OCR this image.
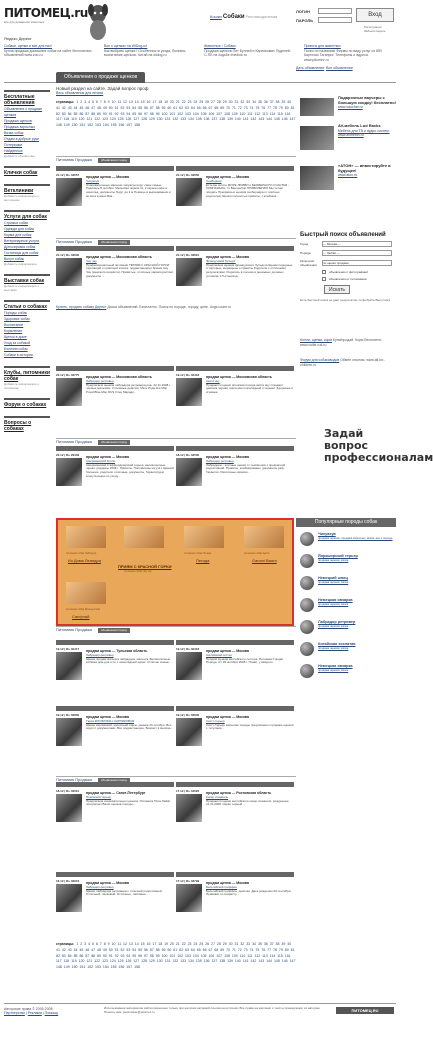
ПИТОМЕЦ.ru
все для домашних животных
Кошки Собаки Рекламодателям
ЛОГИН
ПАРОЛЬ
Вход
Регистрация
Забыли пароль
Яндекс Директ
Собаки, щенки и все для них!
Купля продажа домашних собак на сайте бесплатных объявлений www.zoo.ru
Все о щенках на WiDog.ru!
Как выбрать щенка? Особенности ухода, болезни, воспитание щенков. Читай на widog.ru
Животные / Собаки
Продажа щенков Пит Буллей и Карликовых Пуделей. С-ПБ на ходьбе imedlok.ru
Приюты для животных
Поиск по названию Фирмы по виду услуг из 850 Карточки Таганрог. Телефоны и адреса. www.pitomez.ru
Дать объявление Все объявления
Объявления о продаже щенков
Бесплатные объявления
Объявления о продаже щенков
Продажа щенков
Продажа взрослых
Вязка собак
Отдам в добрые руки
Потеряшки
Найденные
Добавить объявление
Клички собак
Ветклиники
Добавить информацию о ветклинике
Услуги для собак
Стрижка собак
Одежда для собак
Корма для собак
Ветеринарные услуги
Дрессировка собак
Гостиницы для собак
Выгул собак
Добавить информацию
Выставки собак
Добавить информацию о выставке
Статьи о собаках
Породы собак
Здоровье собак
Воспитание
Кормление
Щенок в доме
Уход за собакой
Болезни собак
Собаки в истории
Клубы, питомники собак
Добавить информацию о питомнике
Форум о собаках
Вопросы о собаках
Новый раздел на сайте. Задай вопрос проф
Весь объявления для печати
страницы: 1 2 3 4 5 6 7 8 9 10 11 12 13 14 15 16 17 18 19 20 21 22 23 24 25 26 27 28 29 30 31 32 33 34 35 36 37 38 39 40 41 42 43 44 45 46 47 48 49 50 51 52 53 54 55 56 57 58 59 60 61 62 63 64 65 66 67 68 69 70 71 72 73 74 75 76 77 78 79 80 81 82 83 84 85 86 87 88 89 90 91 92 93 94 95 96 97 98 99 100 101 102 103 104 105 106 107 108 109 110 111 112 113 114 115 116 117 118 119 120 121 122 123 124 125 126 127 128 129 130 131 132 133 134 135 136 137 138 139 140 141 142 143 144 145 146 147 148 149 150 151 152 153 154 155 156 157 158
Питомник Продажа	объявления пород
Питомник Продажа	объявления пород
Питомник Продажа	объявления пород
Питомник Продажа	объявления пород
Питомник Продажа	объявления пород
21.12 | Ro 33657	продам щенка — Москва
Чихуахуа
Очаровательные малыши чихуахуа ищут свою семью. Родились 8 октября. Мальчики окраса 1к, 2 окраса кофе и шоколад, документы будут до 2 м Помощь в выращивании и во всех в ёмко Вак...
21.12 | Ro 33650	продам щенка — Москва
Сенбернар
Есть вы хотите МОРЕ ЛЮБВИ и БЕЗМЕРНОГО СЧАСТЬЯ - КОМПАНЬОН, то Вам выбор ПРИВИЛЕГИИ! Мы хотим продать Прекрасных щенков сенбернара от элитных родителей, Щенки полностью привиты, с клеймом...
21.12 | Ro 33630	продам щенка — Московская область
Чау чау
Профессиональный питомник 'ПРИЯМ С КРАСНОЙ ГОРКИ' (пропащий и приятный кличек- подрастающие) брачки Чау Чау (женского возраста). Привитые, отличные характеристики, документы...
21.12 | Ro 33610	продам щенка — Москва
Французский бульдог
Предлагаем щенков французского бульдога Щенки породные и торговые, выращены и привиты Родители с отличными результатами. Родились в полном в денежных долевых условиях 1.5-2 месяца...
20.12 | Ro 33775	продам щенка — Московская область
Лабрадор-ретривер
Предлагаем щенков лабрадора ретривера рож. 22.11.2008 г. черные мальчики, 3 палевые девочки, Мать Рода Hot Мэр Рoyal Blue-Мэр RUS Отец Марадо...
19.12 | Ro 32418	продам щенка — Московская область
Акита ину
Продаются щенки японская порода акита ину стандарт, девочка черная, мальчики шоколадный и черный. Здоровые и игривые.
20.12 | Ro 29433	продам щенка — Москва
Американский булли
Американский стаффордширский терьер, великолепные щенки, рождены 2008 г. Привиты. Поставлены на учёт. Щенков большие, родители отличные, документы, Гарантируем консультацию по уходу...
18.12 | Ro 32500	продам щенка — Москва
Лабрадор-ретривер
Лабрадоры - элитные щенки от чемпионов с прекрасной родословной. Привиты, клеймированы, документы ркф. Гарантия. Различные окраски...
19.12 | Ro 32417	продам щенка — Тульская область
Лабрадор-ретривер
Щенки продам малыша лабрадора, мальчик. Великолепные собачки дом для и по с шоколадный окрас. Отлично семью...
19.12 | Ro 32418	продам щенка — Москва
Английский сеттер
Продам щенков английского сеттера. Питомник Гордая Порода. От 30 октября 2008 г. Помёт, у каждого..
19.12 | Ro 32800	продам щенка — Москва
Такса КРОЛИЧЬЯ и КАРЛИКОВАЯ
Щенки карликовой, кроличьей таксы, ранние 26 октября. Все ходят с документами. Все подрастающие. Возраст 2 месяца...
19.12 | Ro 32600	продам щенка — Москва
Скотч-терьер
Скотч-Терьер мальчики породы предлагаем к продаже щенков с титулами...
18.12 | Ro 33010	продам щенка — Санкт-Петербург
Пекинский терьер
Предлагаем очаровательных щенков. Питомник 'Роза Лайф' предлагает Ваши щенков породы...
17.12 | Ro 34020	продам щенка — Ростовская область
Кокер-спаниель
Продаются щенки английского кокер-спаниеля, рожденные 21.11.2008. Окрас черный...
16.12 | Ro 33901	продам щенка — Москва
Лабрадор-ретривер
Щенки лабрадора ретривера с отличной родословной. Отличный, ласковый. Отличные, ласковые...
17.12 | Ro 33799	продам щенка — Москва
Бельгийский гриффон
Бельгийский гриффон, девочка. Дата рождения 20 сентября. Прививки по возрасту...
Купить, продать собаку Директ Доска объявлений. Бесплатно. Поиск по породе, городу, цене. dogs.ucam.ru
питомник собак Лабрадор	питомник собак Пегида	питомник собак Акита
Из Дома Леандра
ПРИЯМ С КРАСНОЙ ГОРКИ
питомник собак Чау чау
Пегида	Gammi Baara
питомник собак Французский
Санфлай
страницы: 1 2 3 4 5 6 7 8 9 10 11 12 13 14 15 16 17 18 19 20 21 22 23 24 25 26 27 28 29 30 31 32 33 34 35 36 37 38 39 40 41 42 43 44 45 46 47 48 49 50 51 52 53 54 55 56 57 58 59 60 61 62 63 64 65 66 67 68 69 70 71 72 73 74 75 76 77 78 79 80 81 82 83 84 85 86 87 88 89 90 91 92 93 94 95 96 97 98 99 100 101 102 103 104 105 106 107 108 109 110 111 112 113 114 115 116 117 118 119 120 121 122 123 124 125 126 127 128 129 130 131 132 133 134 135 136 137 138 139 140 141 142 143 144 145 146 147 148 149 150 151 152 153 154 155 156 157 158
Подарочные ваучеры с большую скидку! бесплатно!
www.vaucher.ru
AV-мебель Lud Racks
Мебель для ТВ и аудио систем. www.avmebel.ru
«АТОН» — инвестируйте в будущее!
www.aton.ru
Быстрый поиск объявлений
Город	— Москва —
Порода	— Любая —
Категория объявления	по щенки продажи
объявления с фотографией
объявления от питомников
Искать
Есть быстрый поиск не дает результатов, попробуйте Ваш поиск
Колли, щенки, корм Купи/продай. Корм бесплатно. www.collie-ruk.ru
Форум для собаководов Обмен опытом. www.all-for-children.ru
Задай вопрос профессионалам
Популярные породы собак
Чихуахуа
продажа щенков, продажа взрослых, вязка, все о породе
Йоркширский терьер
продажа щенков, вязка
Немецкий шпиц
продажа щенков, вязка
Немецкая овчарка
продажа щенков, вязка
Лабрадор ретривер
продажа щенков, вязка
Китайская хохлатая
продажа щенков, вязка
Немецкая овчарка
продажа щенков, вязка
Авторские права © 2005-2008
Партнерство | Реклама | Помощь
Использование материалов сайта разрешено только при наличии активной ссылки на источник. Все права на картинки и тексты принадлежат их авторам.
Пишите нам: postmaster@pitomez.ru	ПИТОМЕЦ.RU
